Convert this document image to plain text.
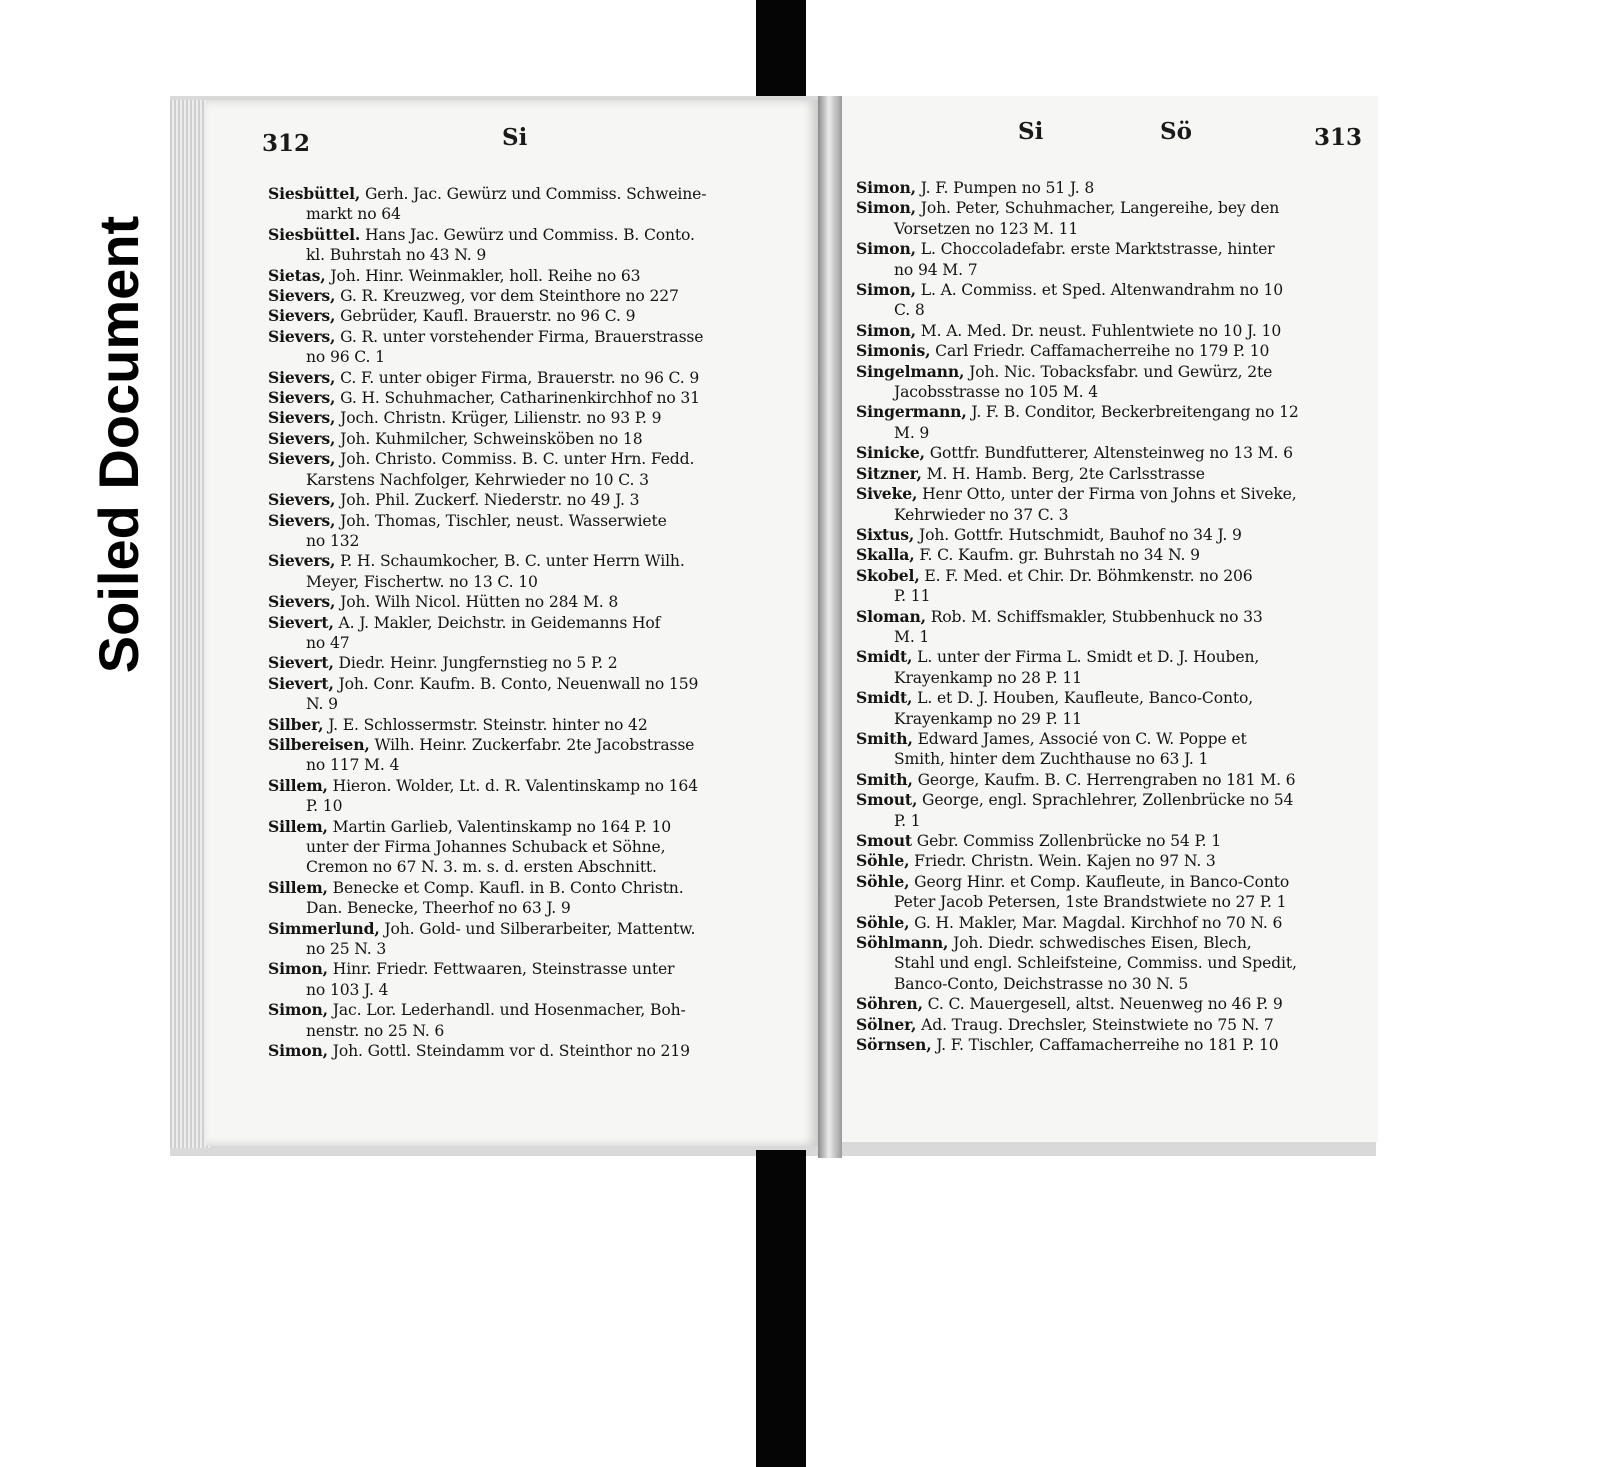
Soiled Document
312	Si	Si	Sö	313
Siesbüttel, Gerh. Jac. Gewürz und Commiss. Schweine-
markt no 64
Siesbüttel. Hans Jac. Gewürz und Commiss. B. Conto.
kl. Buhrstah no 43 N. 9
Sietas, Joh. Hinr. Weinmakler, holl. Reihe no 63
Sievers, G. R. Kreuzweg, vor dem Steinthore no 227
Sievers, Gebrüder, Kaufl. Brauerstr. no 96 C. 9
Sievers, G. R. unter vorstehender Firma, Brauerstrasse
no 96 C. 1
Sievers, C. F. unter obiger Firma, Brauerstr. no 96 C. 9
Sievers, G. H. Schuhmacher, Catharinenkirchhof no 31
Sievers, Joch. Christn. Krüger, Lilienstr. no 93 P. 9
Sievers, Joh. Kuhmilcher, Schweinsköben no 18
Sievers, Joh. Christo. Commiss. B. C. unter Hrn. Fedd.
Karstens Nachfolger, Kehrwieder no 10 C. 3
Sievers, Joh. Phil. Zuckerf. Niederstr. no 49 J. 3
Sievers, Joh. Thomas, Tischler, neust. Wasserwiete
no 132
Sievers, P. H. Schaumkocher, B. C. unter Herrn Wilh.
Meyer, Fischertw. no 13 C. 10
Sievers, Joh. Wilh Nicol. Hütten no 284 M. 8
Sievert, A. J. Makler, Deichstr. in Geidemanns Hof
no 47
Sievert, Diedr. Heinr. Jungfernstieg no 5 P. 2
Sievert, Joh. Conr. Kaufm. B. Conto, Neuenwall no 159
N. 9
Silber, J. E. Schlossermstr. Steinstr. hinter no 42
Silbereisen, Wilh. Heinr. Zuckerfabr. 2te Jacobstrasse
no 117 M. 4
Sillem, Hieron. Wolder, Lt. d. R. Valentinskamp no 164
P. 10
Sillem, Martin Garlieb, Valentinskamp no 164 P. 10
unter der Firma Johannes Schuback et Söhne,
Cremon no 67 N. 3. m. s. d. ersten Abschnitt.
Sillem, Benecke et Comp. Kaufl. in B. Conto Christn.
Dan. Benecke, Theerhof no 63 J. 9
Simmerlund, Joh. Gold- und Silberarbeiter, Mattentw.
no 25 N. 3
Simon, Hinr. Friedr. Fettwaaren, Steinstrasse unter
no 103 J. 4
Simon, Jac. Lor. Lederhandl. und Hosenmacher, Boh-
nenstr. no 25 N. 6
Simon, Joh. Gottl. Steindamm vor d. Steinthor no 219
Simon, J. F. Pumpen no 51 J. 8
Simon, Joh. Peter, Schuhmacher, Langereihe, bey den
Vorsetzen no 123 M. 11
Simon, L. Choccoladefabr. erste Marktstrasse, hinter
no 94 M. 7
Simon, L. A. Commiss. et Sped. Altenwandrahm no 10
C. 8
Simon, M. A. Med. Dr. neust. Fuhlentwiete no 10 J. 10
Simonis, Carl Friedr. Caffamacherreihe no 179 P. 10
Singelmann, Joh. Nic. Tobacksfabr. und Gewürz, 2te
Jacobsstrasse no 105 M. 4
Singermann, J. F. B. Conditor, Beckerbreitengang no 12
M. 9
Sinicke, Gottfr. Bundfutterer, Altensteinweg no 13 M. 6
Sitzner, M. H. Hamb. Berg, 2te Carlsstrasse
Siveke, Henr Otto, unter der Firma von Johns et Siveke,
Kehrwieder no 37 C. 3
Sixtus, Joh. Gottfr. Hutschmidt, Bauhof no 34 J. 9
Skalla, F. C. Kaufm. gr. Buhrstah no 34 N. 9
Skobel, E. F. Med. et Chir. Dr. Böhmkenstr. no 206
P. 11
Sloman, Rob. M. Schiffsmakler, Stubbenhuck no 33
M. 1
Smidt, L. unter der Firma L. Smidt et D. J. Houben,
Krayenkamp no 28 P. 11
Smidt, L. et D. J. Houben, Kaufleute, Banco-Conto,
Krayenkamp no 29 P. 11
Smith, Edward James, Associé von C. W. Poppe et
Smith, hinter dem Zuchthause no 63 J. 1
Smith, George, Kaufm. B. C. Herrengraben no 181 M. 6
Smout, George, engl. Sprachlehrer, Zollenbrücke no 54
P. 1
Smout Gebr. Commiss Zollenbrücke no 54 P. 1
Söhle, Friedr. Christn. Wein. Kajen no 97 N. 3
Söhle, Georg Hinr. et Comp. Kaufleute, in Banco-Conto
Peter Jacob Petersen, 1ste Brandstwiete no 27 P. 1
Söhle, G. H. Makler, Mar. Magdal. Kirchhof no 70 N. 6
Söhlmann, Joh. Diedr. schwedisches Eisen, Blech,
Stahl und engl. Schleifsteine, Commiss. und Spedit,
Banco-Conto, Deichstrasse no 30 N. 5
Söhren, C. C. Mauergesell, altst. Neuenweg no 46 P. 9
Sölner, Ad. Traug. Drechsler, Steinstwiete no 75 N. 7
Sörnsen, J. F. Tischler, Caffamacherreihe no 181 P. 10
